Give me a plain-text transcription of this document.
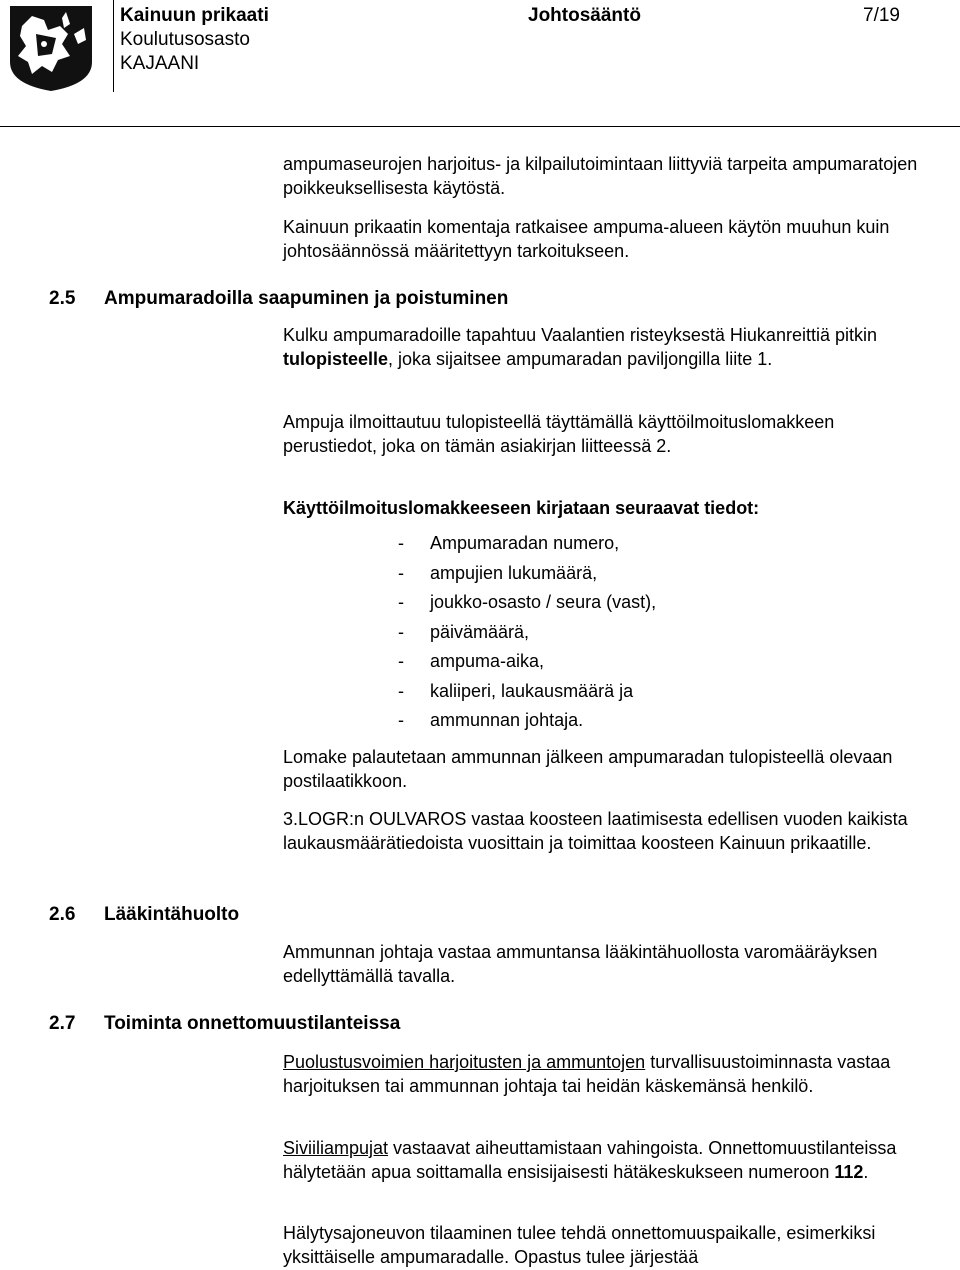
Kainuun prikaati
Koulutusosasto
KAJAANI
Johtosääntö	7/19

ampumaseurojen harjoitus- ja kilpailutoimintaan liittyviä tarpeita ampumaratojen poikkeuksellisesta käytöstä.

Kainuun prikaatin komentaja ratkaisee ampuma-alueen käytön muuhun kuin johtosäännössä määritettyyn tarkoitukseen.

2.5 Ampumaradoilla saapuminen ja poistuminen

Kulku ampumaradoille tapahtuu Vaalantien risteyksestä Hiukanreittiä pitkin tulopisteelle, joka sijaitsee ampumaradan paviljongilla liite 1.

Ampuja ilmoittautuu tulopisteellä täyttämällä käyttöilmoituslomakkeen perustiedot, joka on tämän asiakirjan liitteessä 2.

Käyttöilmoituslomakkeeseen kirjataan seuraavat tiedot:

- Ampumaradan numero,
- ampujien lukumäärä,
- joukko-osasto / seura (vast),
- päivämäärä,
- ampuma-aika,
- kaliiperi, laukausmäärä ja
- ammunnan johtaja.

Lomake palautetaan ammunnan jälkeen ampumaradan tulopisteellä olevaan postilaatikkoon.

3.LOGR:n OULVAROS vastaa koosteen laatimisesta edellisen vuoden kaikista laukausmäärätiedoista vuosittain ja toimittaa koosteen Kainuun prikaatille.

2.6 Lääkintähuolto

Ammunnan johtaja vastaa ammuntansa lääkintähuollosta varomääräyksen edellyttämällä tavalla.

2.7 Toiminta onnettomuustilanteissa

Puolustusvoimien harjoitusten ja ammuntojen turvallisuustoiminnasta vastaa harjoituksen tai ammunnan johtaja tai heidän käskemänsä henkilö.

Siviiliampujat vastaavat aiheuttamistaan vahingoista. Onnettomuustilanteissa hälytetään apua soittamalla ensisijaisesti hätäkeskukseen numeroon 112.

Hälytysajoneuvon tilaaminen tulee tehdä onnettomuuspaikalle, esimerkiksi yksittäiselle ampumaradalle. Opastus tulee järjestää
